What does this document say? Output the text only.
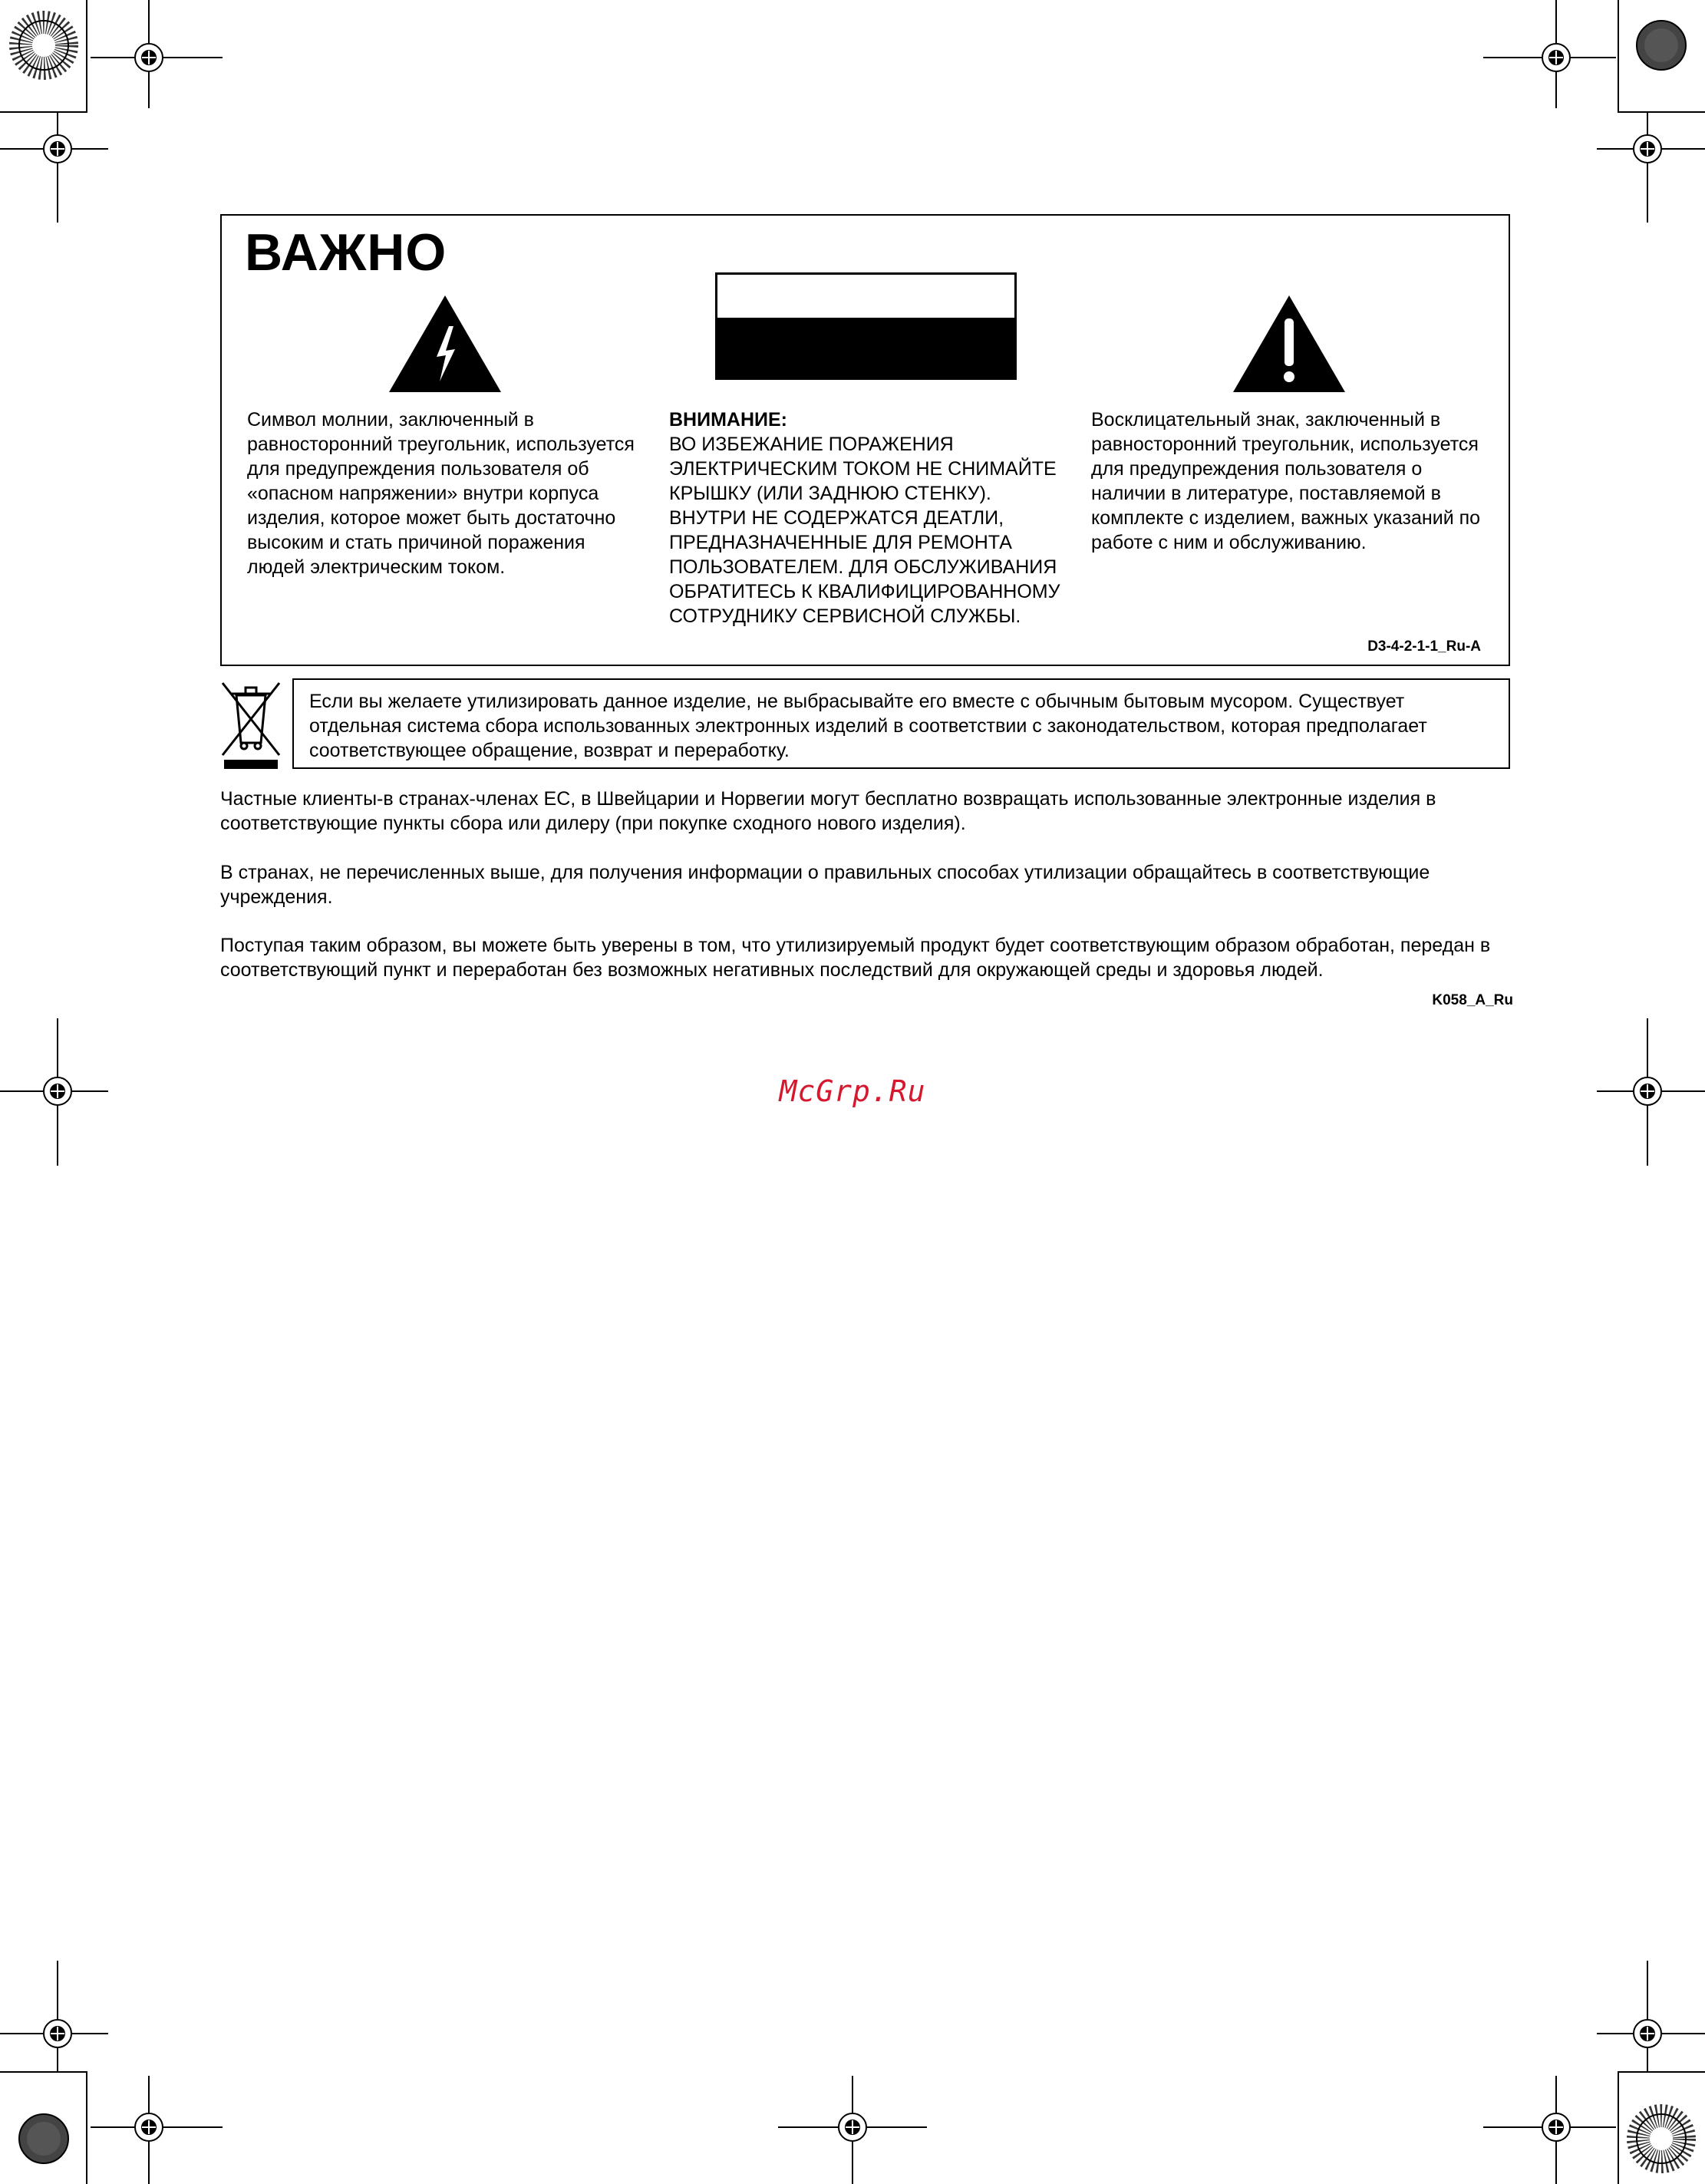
ВАЖНО
Символ молнии, заключенный в равносторонний треугольник, используется для предупреждения пользователя об «опасном напряжении» внутри корпуса изделия, которое может быть достаточно высоким и стать причиной поражения людей электрическим током.
ВНИМАНИЕ:
ВО ИЗБЕЖАНИЕ ПОРАЖЕНИЯ ЭЛЕКТРИЧЕСКИМ ТОКОМ НЕ СНИМАЙТЕ КРЫШКУ (ИЛИ ЗАДНЮЮ СТЕНКУ). ВНУТРИ НЕ СОДЕРЖАТСЯ ДЕАТЛИ, ПРЕДНАЗНАЧЕННЫЕ ДЛЯ РЕМОНТА ПОЛЬЗОВАТЕЛЕМ. ДЛЯ ОБСЛУЖИВАНИЯ ОБРАТИТЕСЬ К КВАЛИФИЦИРОВАННОМУ СОТРУДНИКУ СЕРВИСНОЙ СЛУЖБЫ.
Восклицательный знак, заключенный в равносторонний треугольник, используется для предупреждения пользователя о наличии в литературе, поставляемой в комплекте с изделием, важных указаний по работе с ним и обслуживанию.
D3-4-2-1-1_Ru-A
Если вы желаете утилизировать данное изделие, не выбрасывайте его вместе с обычным бытовым мусором. Существует отдельная система сбора использованных электронных изделий в соответствии с законодательством, которая предполагает соответствующее обращение, возврат и переработку.

Частные клиенты-в странах-членах ЕС, в Швейцарии и Норвегии могут бесплатно возвращать использованные электронные изделия в соответствующие пункты сбора или дилеру (при покупке сходного нового изделия).

В странах, не перечисленных выше, для получения информации о правильных способах утилизации обращайтесь в соответствующие учреждения.

Поступая таким образом, вы можете быть уверены в том, что утилизируемый продукт будет соответствующим образом обработан, передан в соответствующий пункт и переработан без возможных негативных последствий для окружающей среды и здоровья людей.

K058_A_Ru
McGrp.Ru
